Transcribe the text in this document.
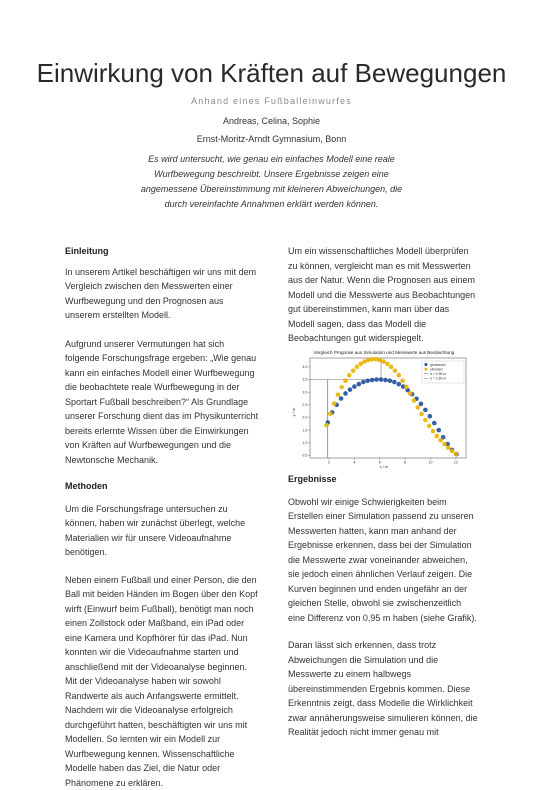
Einwirkung von Kräften auf Bewegungen
Anhand eines Fußballeinwurfes
Andreas, Celina, Sophie
Ernst-Moritz-Arndt Gymnasium, Bonn
Es wird untersucht, wie genau ein einfaches Modell eine reale Wurfbewegung beschreibt. Unsere Ergebnisse zeigen eine angemessene Übereinstimmung mit kleineren Abweichungen, die durch vereinfachte Annahmen erklärt werden können.
Einleitung

In unserem Artikel beschäftigen wir uns mit dem Vergleich zwischen den Messwerten einer Wurfbewegung und den Prognosen aus unserem erstellten Modell.

Aufgrund unserer Vermutungen hat sich folgende Forschungsfrage ergeben: „Wie genau kann ein einfaches Modell einer Wurfbewegung die beobachtete reale Wurfbewegung in der Sportart Fußball beschreiben?“ Als Grundlage unserer Forschung dient das im Physikunterricht bereits erlernte Wissen über die Einwirkungen von Kräften auf Wurfbewegungen und die Newtonsche Mechanik.

Methoden

Um die Forschungsfrage untersuchen zu können, haben wir zunächst überlegt, welche Materialien wir für unsere Videoaufnahme benötigen.

Neben einem Fußball und einer Person, die den Ball mit beiden Händen im Bogen über den Kopf wirft (Einwurf beim Fußball), benötigt man noch einen Zollstock oder Maßband, ein iPad oder eine Kamera und Kopfhörer für das iPad. Nun konnten wir die Videoaufnahme starten und anschließend mit der Videoanalyse beginnen. Mit der Videoanalyse haben wir sowohl Randwerte als auch Anfangswerte ermittelt. Nachdem wir die Videoanalyse erfolgreich durchgeführt hatten, beschäftigten wir uns mit Modellen. So lernten wir ein Modell zur Wurfbewegung kennen. Wissenschaftliche Modelle haben das Ziel, die Natur oder Phänomene zu erklären.

Um ein wissenschaftliches Modell überprüfen zu können, vergleicht man es mit Messwerten aus der Natur. Wenn die Prognosen aus einem Modell und die Messwerte aus Beobachtungen gut übereinstimmen, kann man über das Modell sagen, dass das Modell die Beobachtungen gut widerspiegelt.

Vergleich Prognose aus Simulation und Messwerte aus Beobachtung
2	4	6	8	10	12
0.5
1.0
1.5
2.0
2.5
3.0
3.5
4.0
x / m
y / m
gemessen
simuliert
d = 0.95 m
h = 2.89 m
Ergebnisse

Obwohl wir einige Schwierigkeiten beim Erstellen einer Simulation passend zu unseren Messwerten hatten, kann man anhand der Ergebnisse erkennen, dass bei der Simulation die Messwerte zwar voneinander abweichen, sie jedoch einen ähnlichen Verlauf zeigen. Die Kurven beginnen und enden ungefähr an der gleichen Stelle, obwohl sie zwischenzeitlich eine Differenz von 0,95 m haben (siehe Grafik).

Daran lässt sich erkennen, dass trotz Abweichungen die Simulation und die Messwerte zu einem halbwegs übereinstimmenden Ergebnis kommen. Diese Erkenntnis zeigt, dass Modelle die Wirklichkeit zwar annäherungsweise simulieren können, die Realität jedoch nicht immer genau mit
